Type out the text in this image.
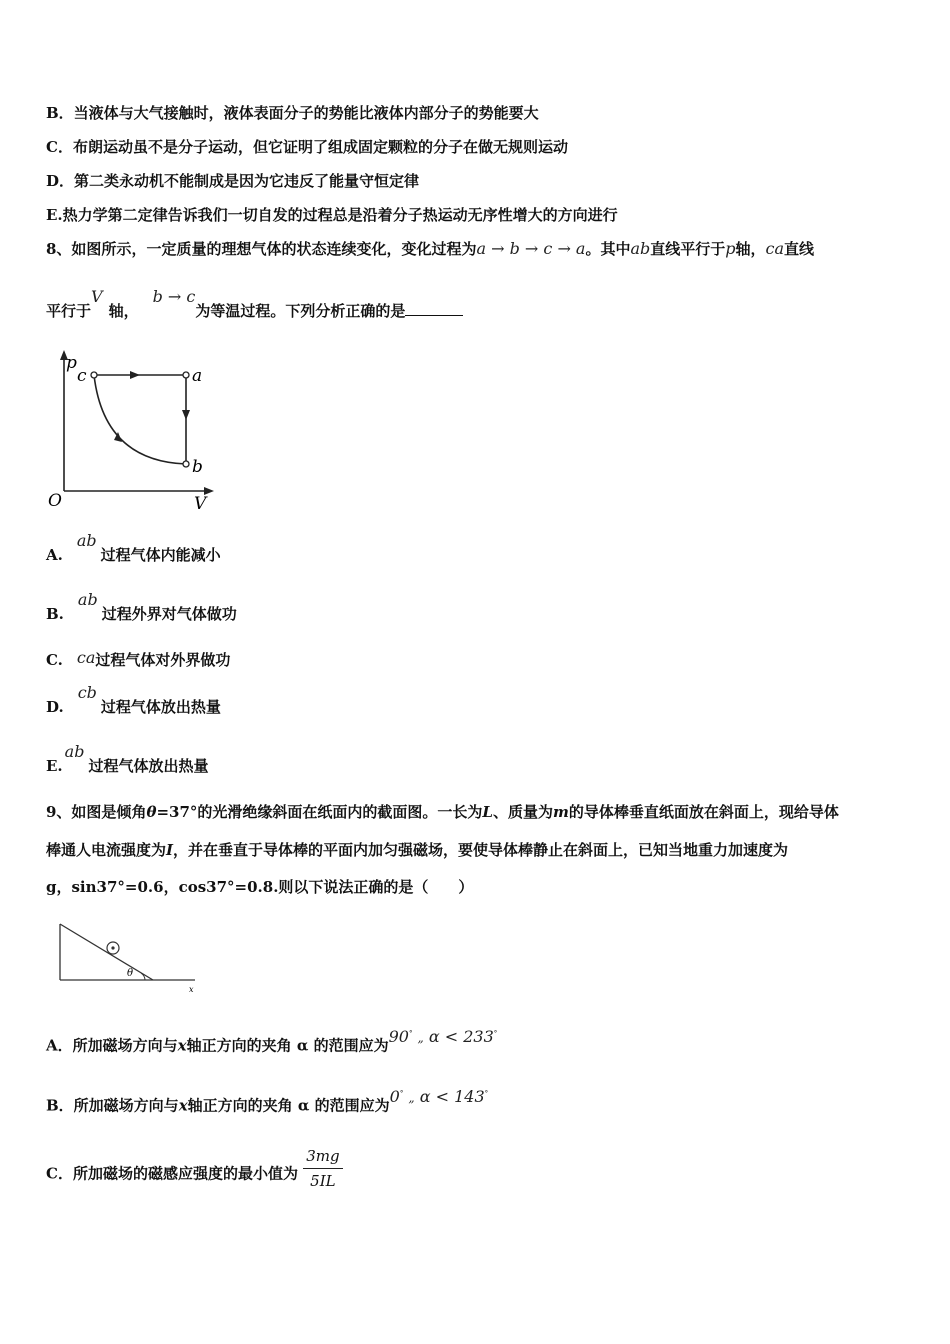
B．当液体与大气接触时，液体表面分子的势能比液体内部分子的势能要大
C．布朗运动虽不是分子运动，但它证明了组成固定颗粒的分子在做无规则运动
D．第二类永动机不能制成是因为它违反了能量守恒定律
E.热力学第二定律告诉我们一切自发的过程总是沿着分子热运动无序性增大的方向进行
8、如图所示，一定质量的理想气体的状态连续变化，变化过程为a → b → c → a。其中ab直线平行于p轴，ca直线
平行于V轴，b → c为等温过程。下列分析正确的是
p
c	a
b
O	V
A.ab过程气体内能减小
B.ab过程外界对气体做功
C. ca过程气体对外界做功
D.cb过程气体放出热量
E.ab过程气体放出热量
9、如图是倾角θ=37°的光滑绝缘斜面在纸面内的截面图。一长为L、质量为m的导体棒垂直纸面放在斜面上，现给导体
棒通人电流强度为I，并在垂直于导体棒的平面内加匀强磁场，要使导体棒静止在斜面上，已知当地重力加速度为
g，sin37°=0.6，cos37°=0.8.则以下说法正确的是（　　）
θ
x
A．所加磁场方向与x轴正方向的夹角 α 的范围应为90° „ α < 233°
B．所加磁场方向与x轴正方向的夹角 α 的范围应为0° „ α < 143°
C．所加磁场的磁感应强度的最小值为 $\frac{3mg}{5IL}$
